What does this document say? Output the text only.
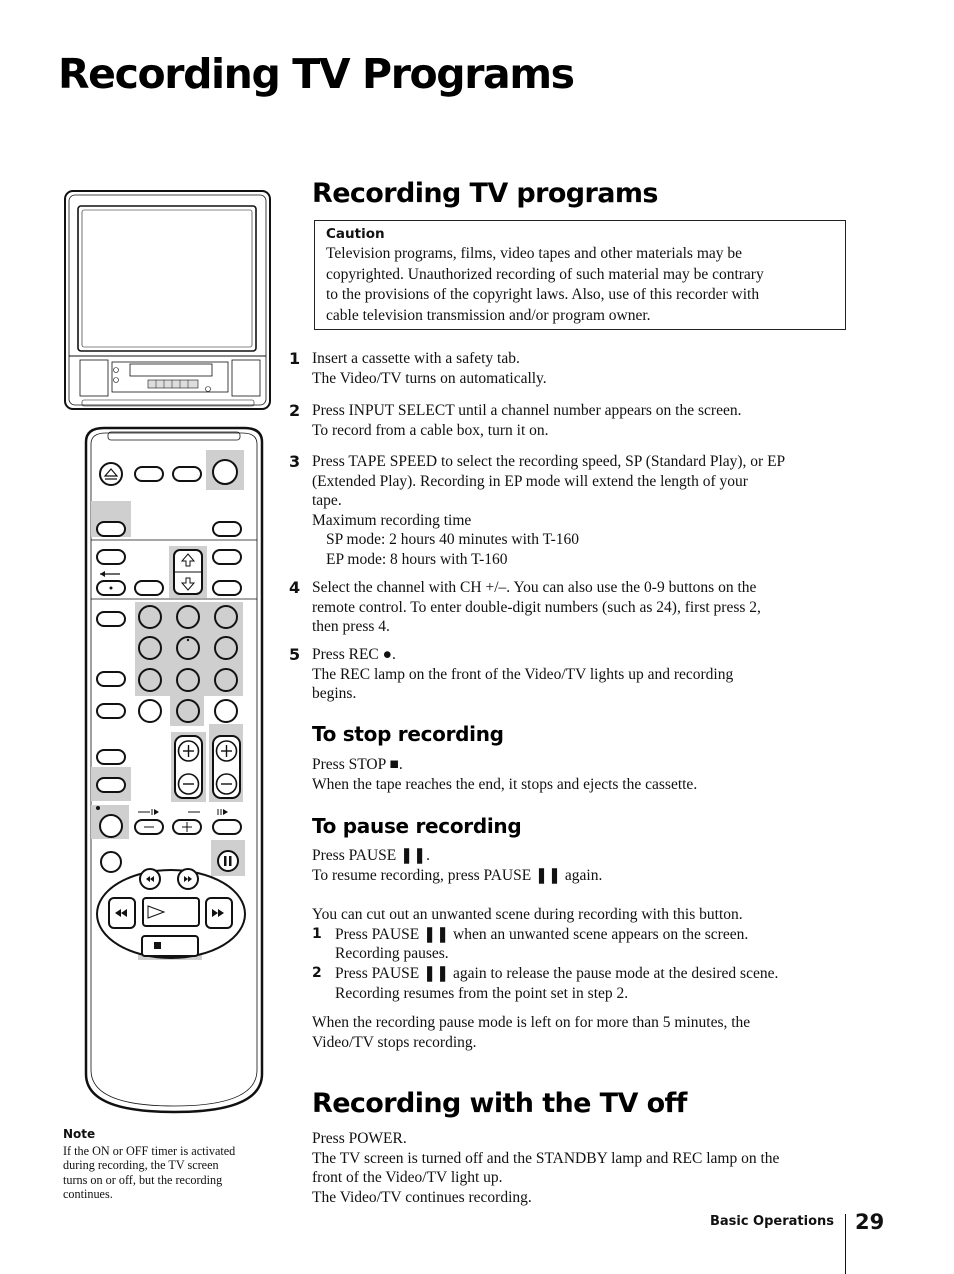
Recording TV Programs
Recording TV programs
Caution
Television programs, films, video tapes and other materials may be
copyrighted. Unauthorized recording of such material may be contrary
to the provisions of the copyright laws. Also, use of this recorder with
cable television transmission and/or program owner.
1 Insert a cassette with a safety tab.
The Video/TV turns on automatically.
2 Press INPUT SELECT until a channel number appears on the screen.
To record from a cable box, turn it on.
3 Press TAPE SPEED to select the recording speed, SP (Standard Play), or EP
(Extended Play). Recording in EP mode will extend the length of your
tape.
Maximum recording time
SP mode: 2 hours 40 minutes with T-160
EP mode: 8 hours with T-160
4 Select the channel with CH +/–. You can also use the 0-9 buttons on the
remote control. To enter double-digit numbers (such as 24), first press 2,
then press 4.
5 Press REC ●.
The REC lamp on the front of the Video/TV lights up and recording
begins.
To stop recording
Press STOP ■.
When the tape reaches the end, it stops and ejects the cassette.
To pause recording
Press PAUSE ❚❚.
To resume recording, press PAUSE ❚❚ again.
You can cut out an unwanted scene during recording with this button.
1 Press PAUSE ❚❚ when an unwanted scene appears on the screen.
Recording pauses.
2 Press PAUSE ❚❚ again to release the pause mode at the desired scene.
Recording resumes from the point set in step 2.
When the recording pause mode is left on for more than 5 minutes, the
Video/TV stops recording.
Recording with the TV off
Press POWER.
The TV screen is turned off and the STANDBY lamp and REC lamp on the
front of the Video/TV light up.
The Video/TV continues recording.
Note
If the ON or OFF timer is activated
during recording, the TV screen
turns on or off, but the recording
continues.
Basic Operations 29
